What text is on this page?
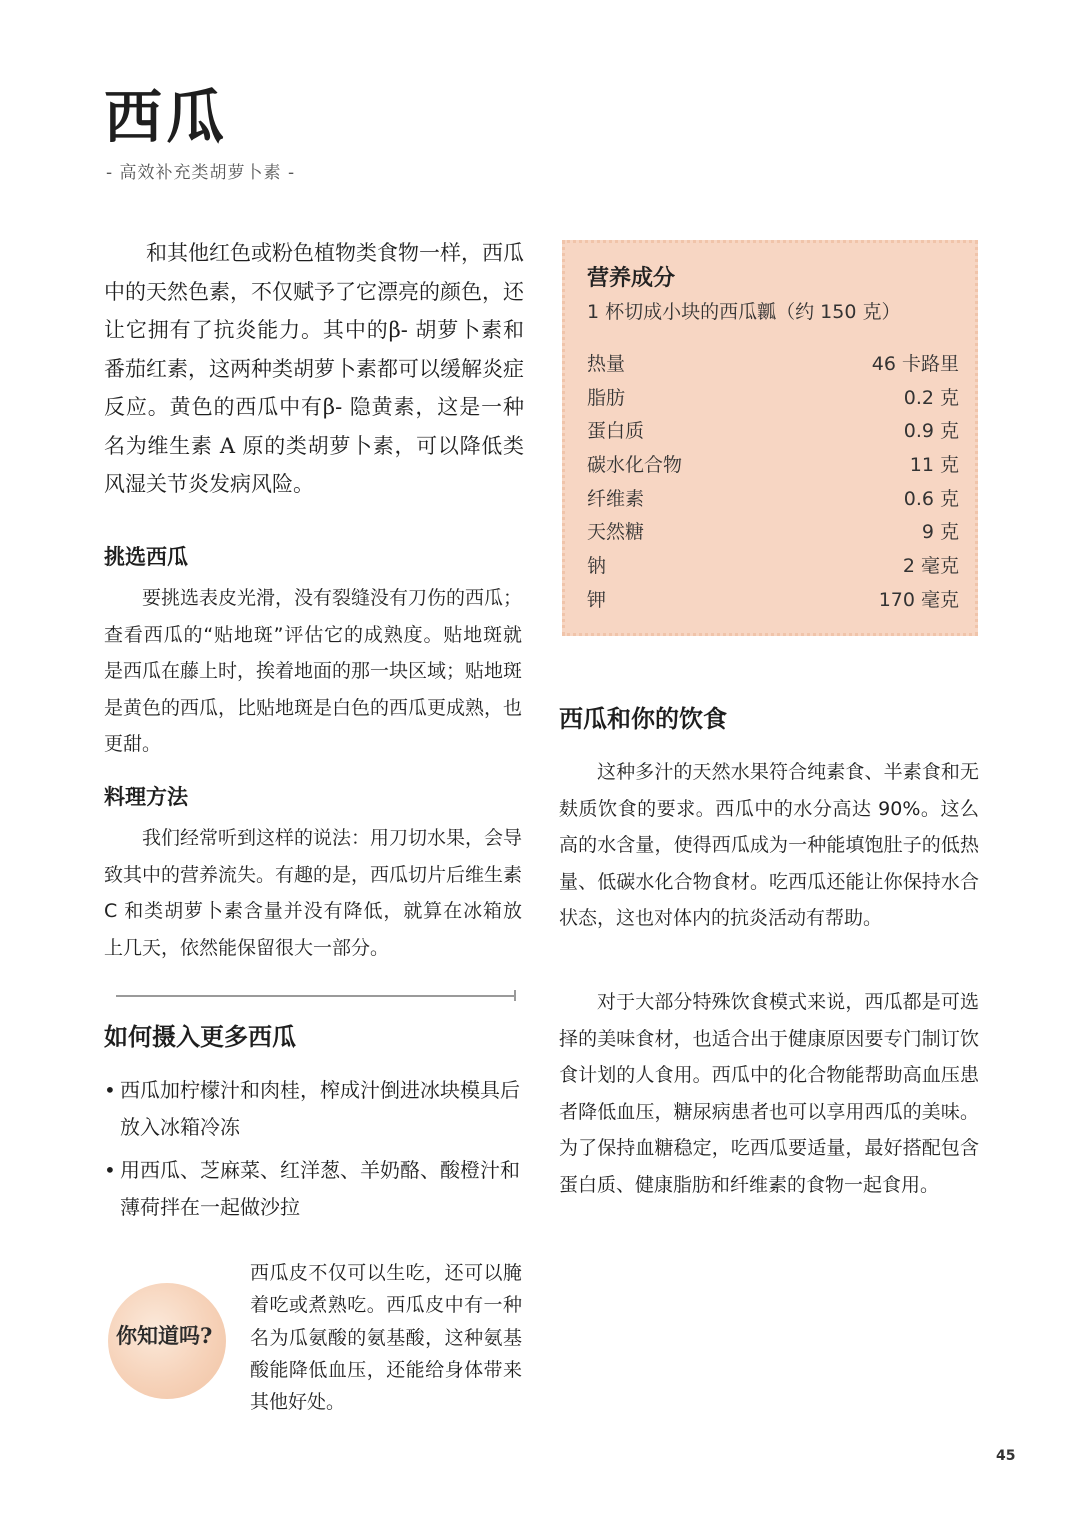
西瓜
- 高效补充类胡萝卜素 -

和其他红色或粉色植物类食物一样，西瓜中的天然色素，不仅赋予了它漂亮的颜色，还让它拥有了抗炎能力。其中的β- 胡萝卜素和番茄红素，这两种类胡萝卜素都可以缓解炎症反应。黄色的西瓜中有β- 隐黄素，这是一种名为维生素 A 原的类胡萝卜素，可以降低类风湿关节炎发病风险。

挑选西瓜

要挑选表皮光滑，没有裂缝没有刀伤的西瓜；查看西瓜的“贴地斑”评估它的成熟度。贴地斑就是西瓜在藤上时，挨着地面的那一块区域；贴地斑是黄色的西瓜，比贴地斑是白色的西瓜更成熟，也更甜。

料理方法

我们经常听到这样的说法：用刀切水果，会导致其中的营养流失。有趣的是，西瓜切片后维生素 C 和类胡萝卜素含量并没有降低，就算在冰箱放上几天，依然能保留很大一部分。

如何摄入更多西瓜
• 西瓜加柠檬汁和肉桂，榨成汁倒进冰块模具后放入冰箱冷冻
• 用西瓜、芝麻菜、红洋葱、羊奶酪、酸橙汁和薄荷拌在一起做沙拉
你知道吗?

西瓜皮不仅可以生吃，还可以腌着吃或煮熟吃。西瓜皮中有一种名为瓜氨酸的氨基酸，这种氨基酸能降低血压，还能给身体带来其他好处。

营养成分
1 杯切成小块的西瓜瓤（约 150 克）
热量	46 卡路里
脂肪	0.2 克
蛋白质	0.9 克
碳水化合物	11 克
纤维素	0.6 克
天然糖	9 克
钠	2 毫克
钾	170 毫克
西瓜和你的饮食

这种多汁的天然水果符合纯素食、半素食和无麸质饮食的要求。西瓜中的水分高达 90%。这么高的水含量，使得西瓜成为一种能填饱肚子的低热量、低碳水化合物食材。吃西瓜还能让你保持水合状态，这也对体内的抗炎活动有帮助。

对于大部分特殊饮食模式来说，西瓜都是可选择的美味食材，也适合出于健康原因要专门制订饮食计划的人食用。西瓜中的化合物能帮助高血压患者降低血压，糖尿病患者也可以享用西瓜的美味。为了保持血糖稳定，吃西瓜要适量，最好搭配包含蛋白质、健康脂肪和纤维素的食物一起食用。

45
